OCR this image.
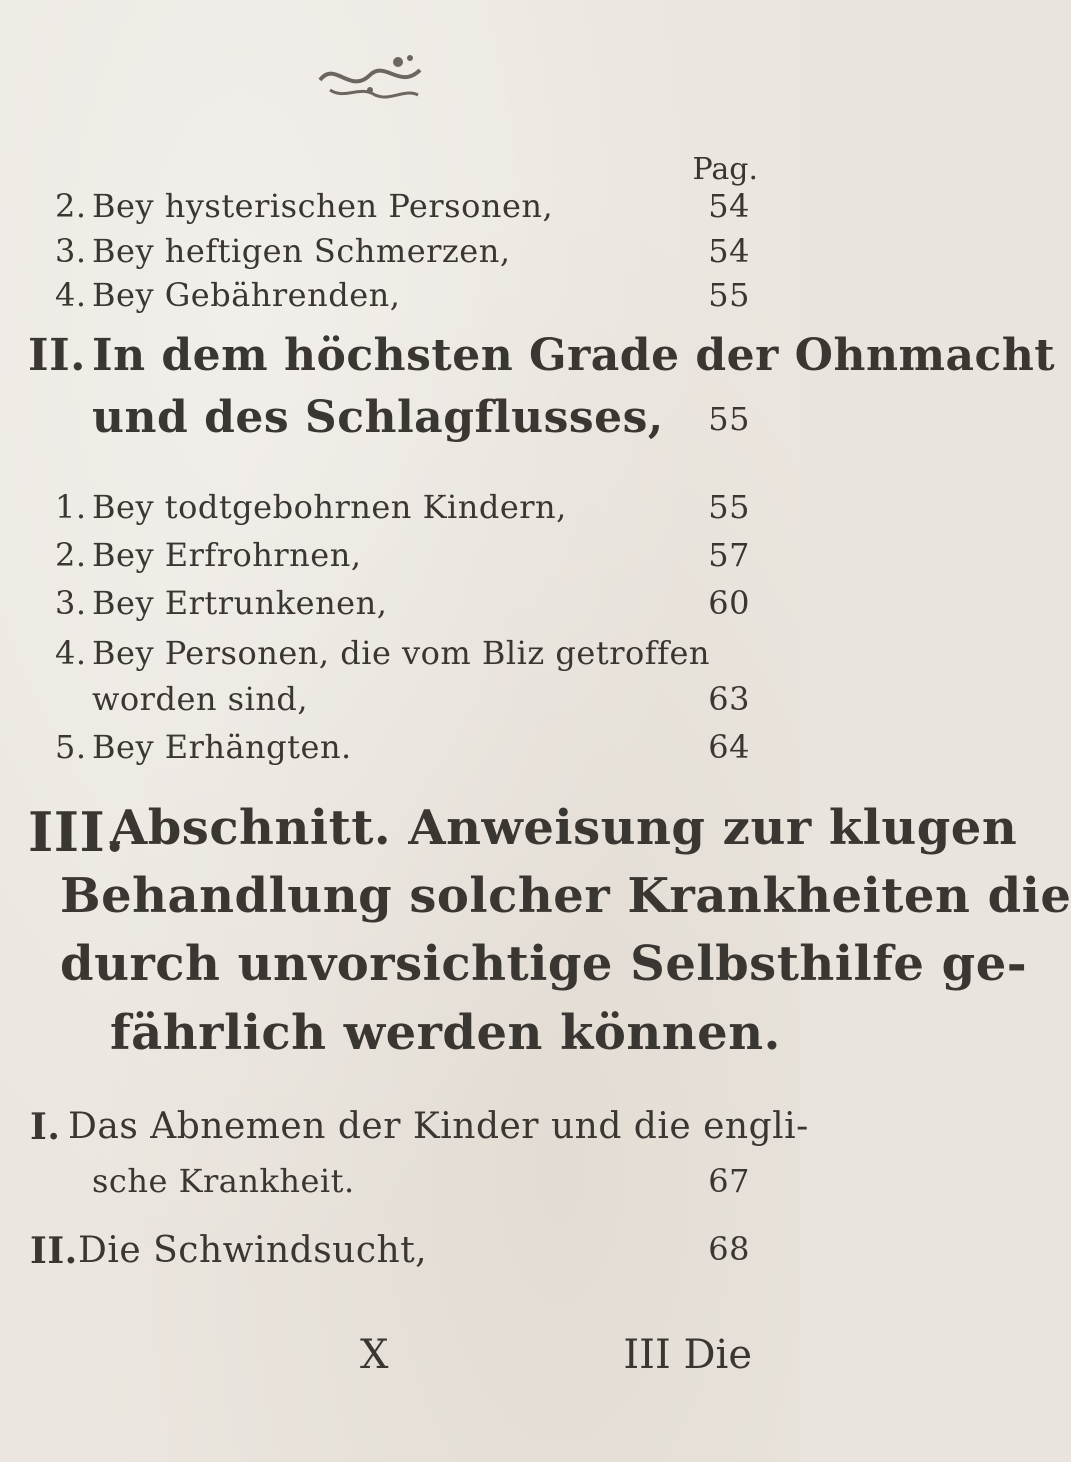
Pag.
2. Bey hysterischen Personen,	54
3. Bey heftigen Schmerzen,	54
4. Bey Gebährenden,	55
II. In dem höchsten Grade der Ohnmacht
und des Schlagflusses, 55
1. Bey todtgebohrnen Kindern,	55
2. Bey Erfrohrnen,	57
3. Bey Ertrunkenen,	60
4. Bey Personen, die vom Bliz getroffen
worden sind,	63
5. Bey Erhängten.	64
III.
Abschnitt. Anweisung zur klugen
Behandlung solcher Krankheiten die
durch unvorsichtige Selbsthilfe ge-
fährlich werden können.
I. Das Abnemen der Kinder und die engli-
sche Krankheit.	67
II. Die Schwindsucht,	68
X	III Die
